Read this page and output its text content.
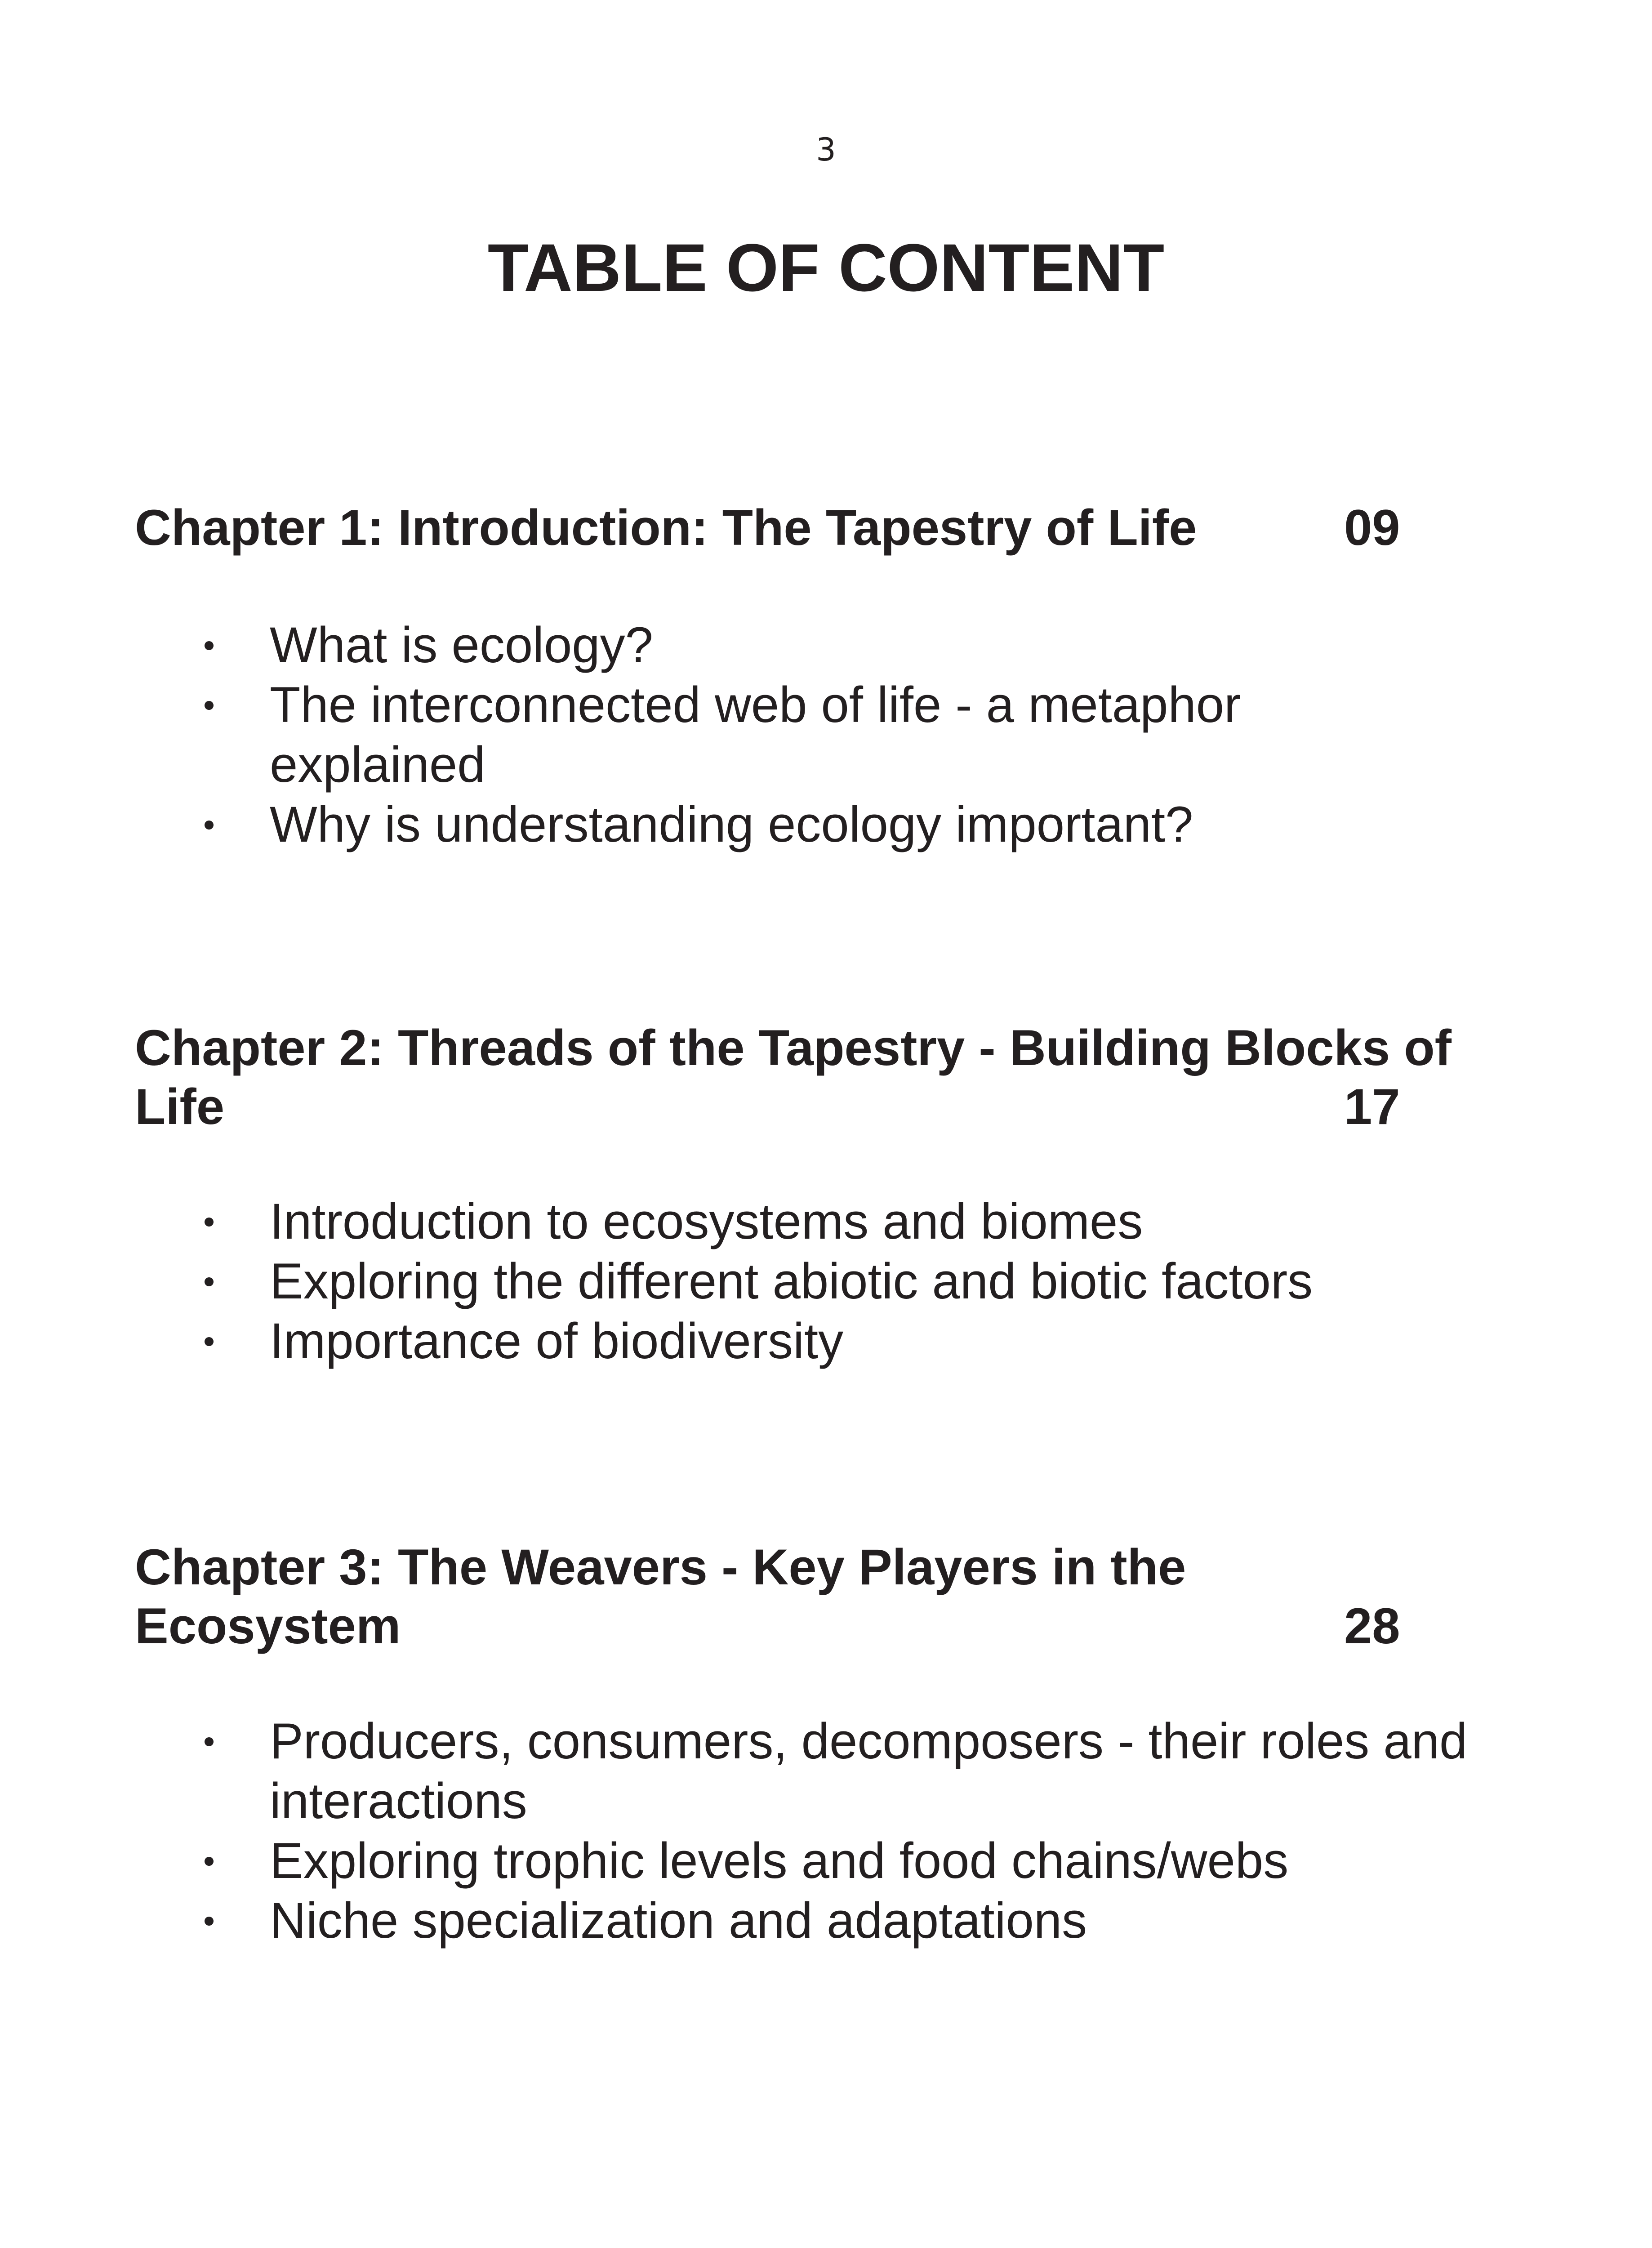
3
TABLE OF CONTENT
Chapter 1: Introduction: The Tapestry of Life	09
What is ecology?
The interconnected web of life - a metaphor explained
Why is understanding ecology important?
Chapter 2: Threads of the Tapestry - Building Blocks of Life	17
Introduction to ecosystems and biomes
Exploring the different abiotic and biotic factors
Importance of biodiversity
Chapter 3: The Weavers - Key Players in the Ecosystem	28
Producers, consumers, decomposers - their roles and interactions
Exploring trophic levels and food chains/webs
Niche specialization and adaptations
